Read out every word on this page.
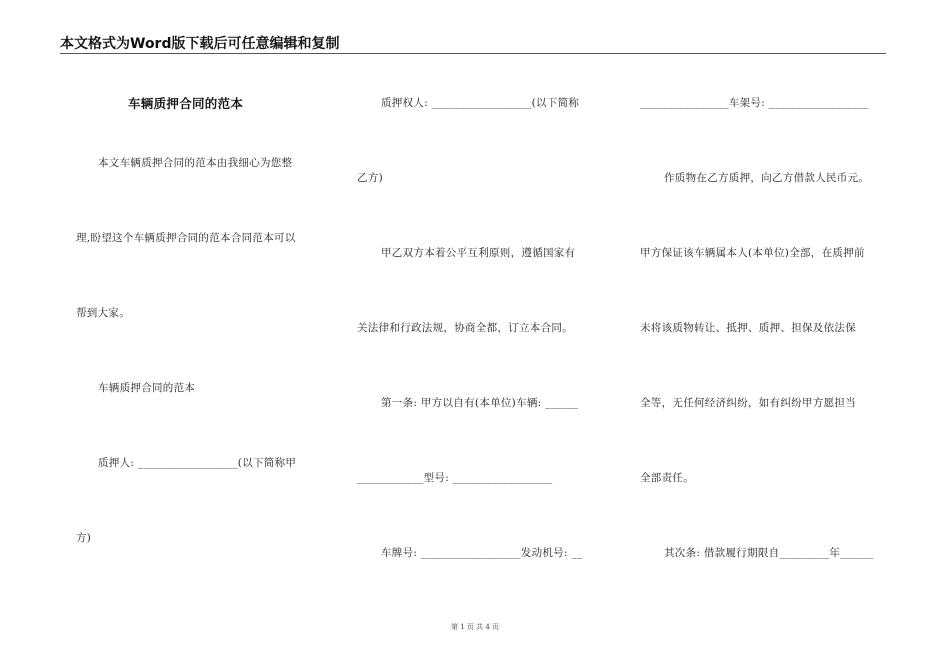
本文格式为Word版下载后可任意编辑和复制
车辆质押合同的范本
本文车辆质押合同的范本由我细心为您整
理,盼望这个车辆质押合同的范本合同范本可以
帮到大家。
车辆质押合同的范本
质押人: __________________(以下简称甲
方)
质押权人: __________________(以下简称
乙方)
甲乙双方本着公平互利原则，遵循国家有
关法律和行政法规，协商全都，订立本合同。
第一条: 甲方以自有(本单位)车辆: ______
____________型号: __________________
车牌号: __________________发动机号: __
________________车架号: __________________
作质物在乙方质押，向乙方借款人民币元。
甲方保证该车辆属本人(本单位)全部，在质押前
未将该质物转让、抵押、质押、担保及依法保
全等，无任何经济纠纷，如有纠纷甲方愿担当
全部责任。
其次条: 借款履行期限自_________年______
第 1 页 共 4 页
